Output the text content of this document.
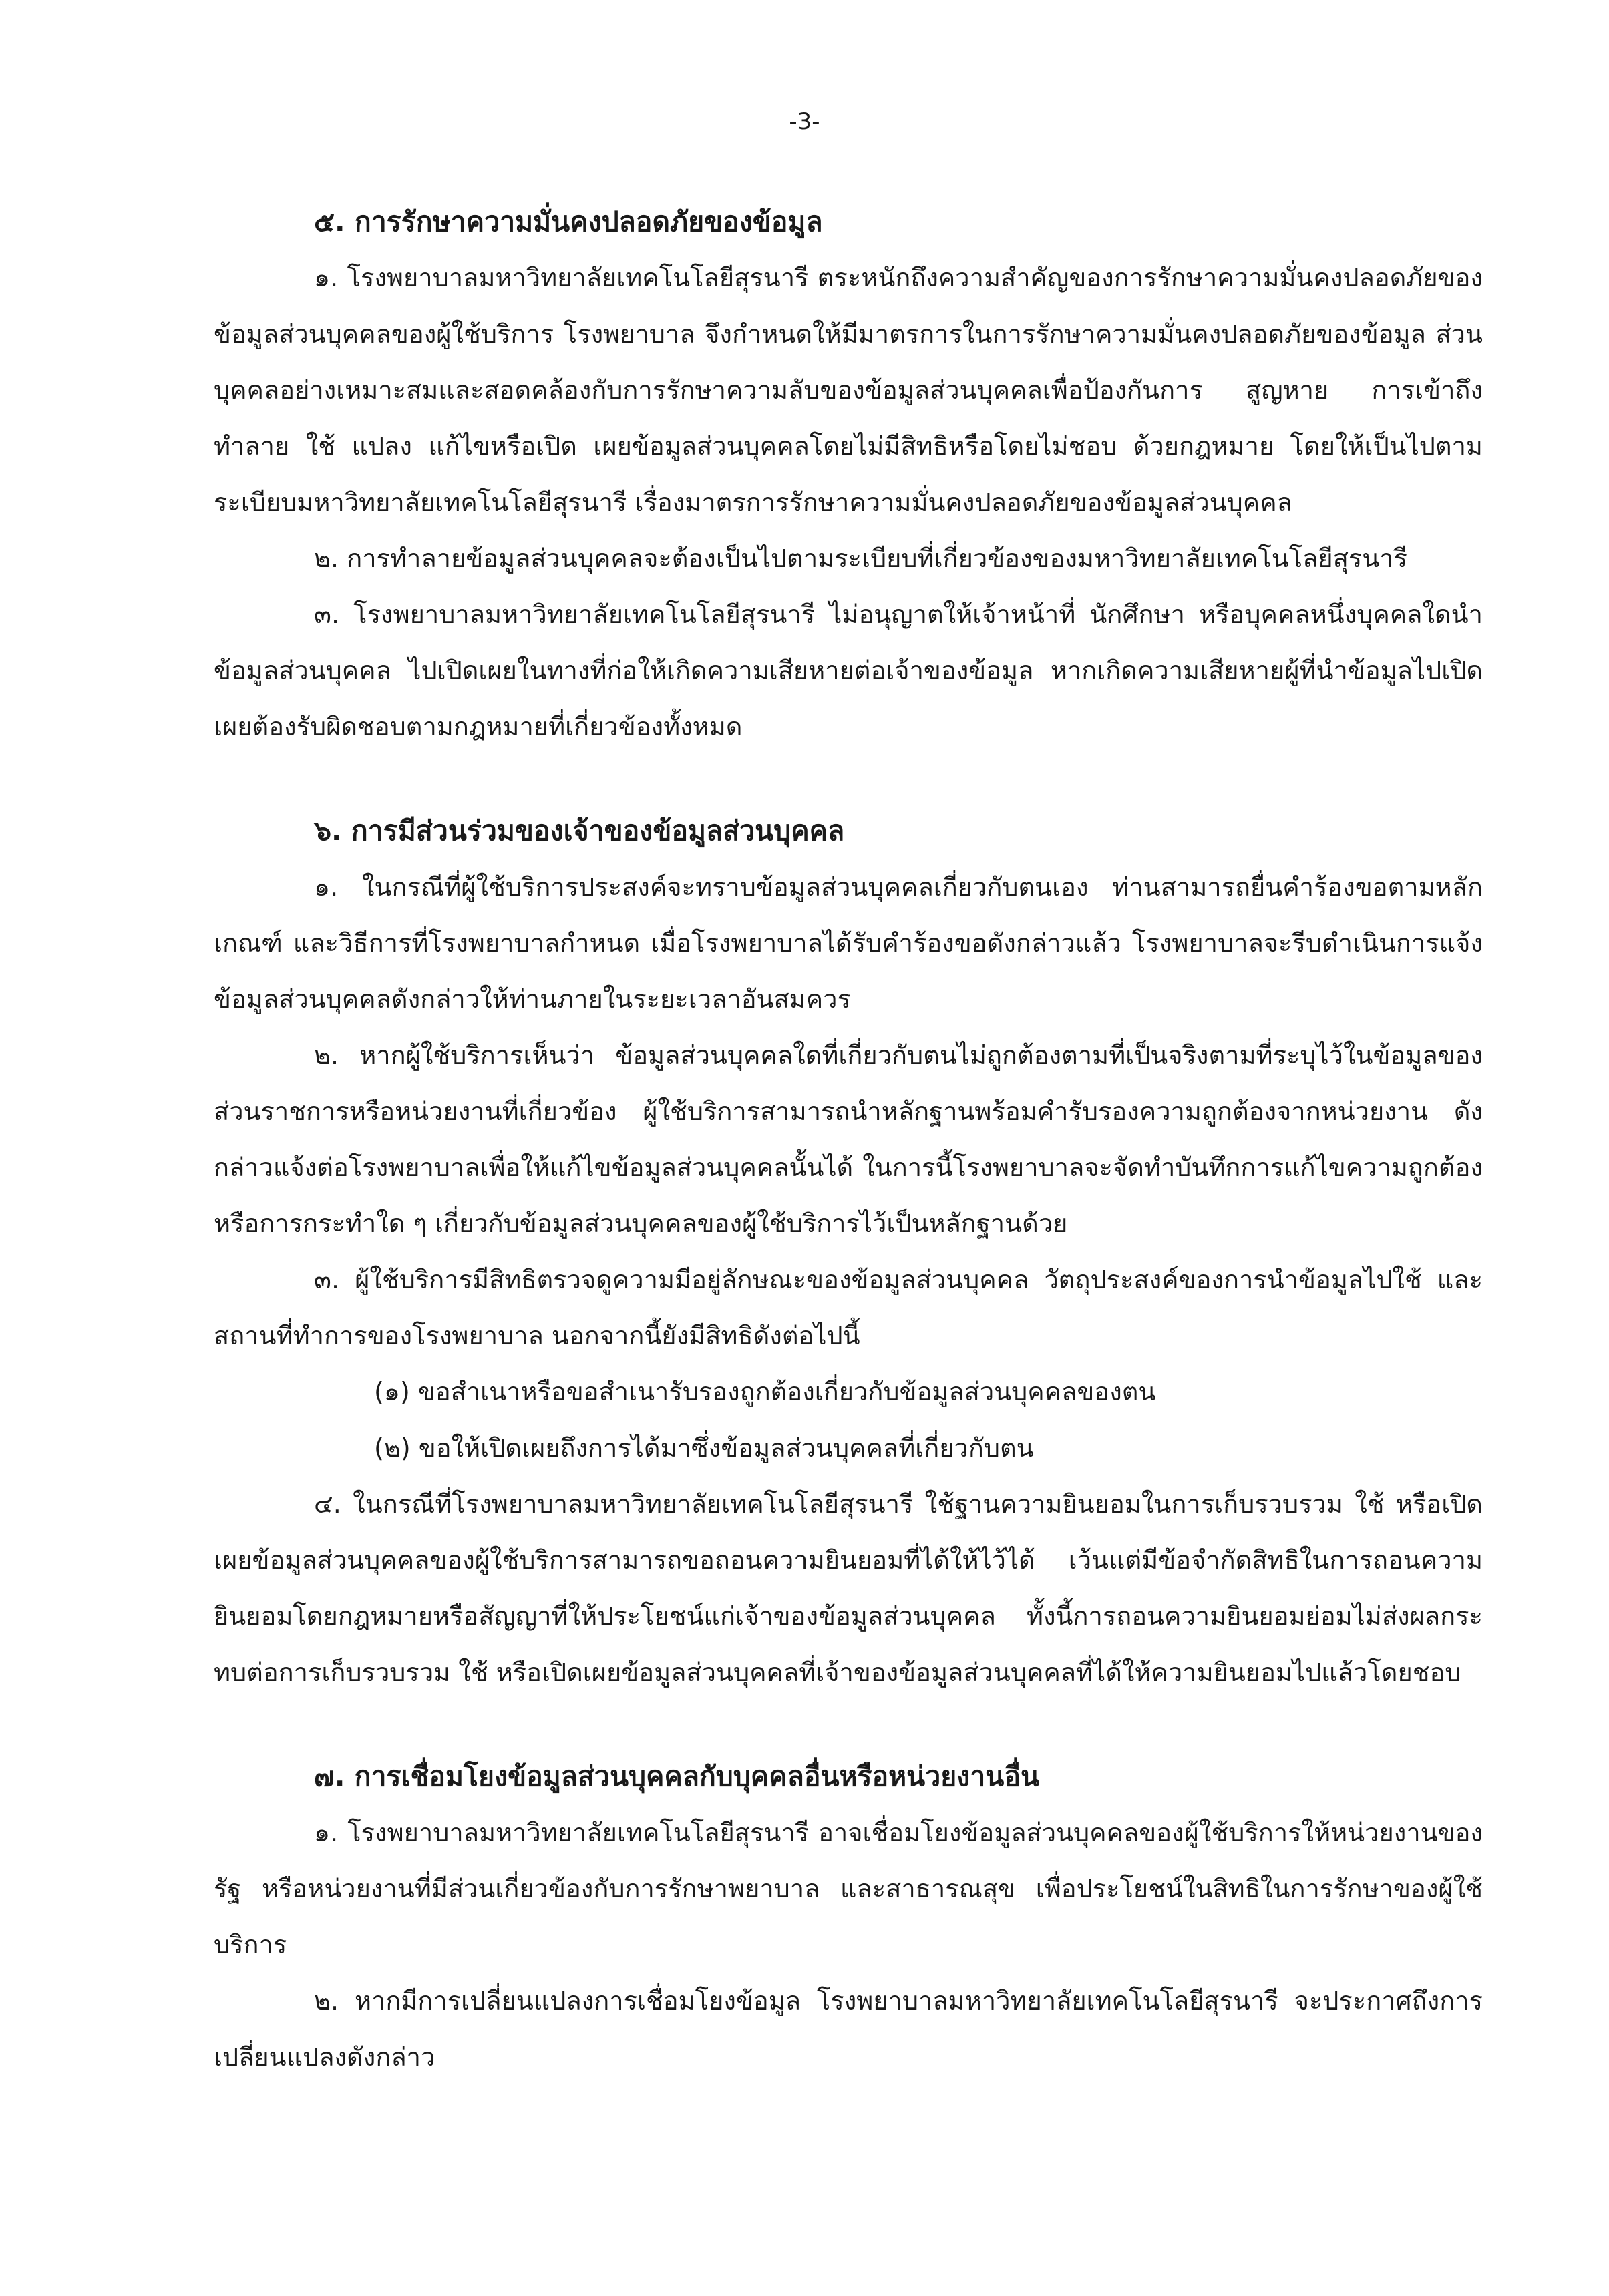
-3-

๕. การรักษาความมั่นคงปลอดภัยของข้อมูล

๑. โรงพยาบาลมหาวิทยาลัยเทคโนโลยีสุรนารี ตระหนักถึงความสำคัญของการรักษาความมั่นคงปลอดภัยของข้อมูลส่วนบุคคลของผู้ใช้บริการ โรงพยาบาล จึงกำหนดให้มีมาตรการในการรักษาความมั่นคงปลอดภัยของข้อมูล ส่วนบุคคลอย่างเหมาะสมและสอดคล้องกับการรักษาความลับของข้อมูลส่วนบุคคลเพื่อป้องกันการ สูญหาย การเข้าถึง ทำลาย ใช้ แปลง แก้ไขหรือเปิด เผยข้อมูลส่วนบุคคลโดยไม่มีสิทธิหรือโดยไม่ชอบ ด้วยกฎหมาย โดยให้เป็นไปตามระเบียบมหาวิทยาลัยเทคโนโลยีสุรนารี เรื่องมาตรการรักษาความมั่นคงปลอดภัยของข้อมูลส่วนบุคคล

๒. การทำลายข้อมูลส่วนบุคคลจะต้องเป็นไปตามระเบียบที่เกี่ยวข้องของมหาวิทยาลัยเทคโนโลยีสุรนารี

๓. โรงพยาบาลมหาวิทยาลัยเทคโนโลยีสุรนารี ไม่อนุญาตให้เจ้าหน้าที่ นักศึกษา หรือบุคคลหนึ่งบุคคลใดนำข้อมูลส่วนบุคคล ไปเปิดเผยในทางที่ก่อให้เกิดความเสียหายต่อเจ้าของข้อมูล หากเกิดความเสียหายผู้ที่นำข้อมูลไปเปิดเผยต้องรับผิดชอบตามกฎหมายที่เกี่ยวข้องทั้งหมด

๖. การมีส่วนร่วมของเจ้าของข้อมูลส่วนบุคคล

๑. ในกรณีที่ผู้ใช้บริการประสงค์จะทราบข้อมูลส่วนบุคคลเกี่ยวกับตนเอง ท่านสามารถยื่นคำร้องขอตามหลักเกณฑ์ และวิธีการที่โรงพยาบาลกำหนด เมื่อโรงพยาบาลได้รับคำร้องขอดังกล่าวแล้ว โรงพยาบาลจะรีบดำเนินการแจ้งข้อมูลส่วนบุคคลดังกล่าวให้ท่านภายในระยะเวลาอันสมควร

๒. หากผู้ใช้บริการเห็นว่า ข้อมูลส่วนบุคคลใดที่เกี่ยวกับตนไม่ถูกต้องตามที่เป็นจริงตามที่ระบุไว้ในข้อมูลของส่วนราชการหรือหน่วยงานที่เกี่ยวข้อง ผู้ใช้บริการสามารถนำหลักฐานพร้อมคำรับรองความถูกต้องจากหน่วยงาน ดังกล่าวแจ้งต่อโรงพยาบาลเพื่อให้แก้ไขข้อมูลส่วนบุคคลนั้นได้ ในการนี้โรงพยาบาลจะจัดทำบันทึกการแก้ไขความถูกต้อง หรือการกระทำใด ๆ เกี่ยวกับข้อมูลส่วนบุคคลของผู้ใช้บริการไว้เป็นหลักฐานด้วย

๓. ผู้ใช้บริการมีสิทธิตรวจดูความมีอยู่ลักษณะของข้อมูลส่วนบุคคล วัตถุประสงค์ของการนำข้อมูลไปใช้ และสถานที่ทำการของโรงพยาบาล นอกจากนี้ยังมีสิทธิดังต่อไปนี้

(๑) ขอสำเนาหรือขอสำเนารับรองถูกต้องเกี่ยวกับข้อมูลส่วนบุคคลของตน

(๒) ขอให้เปิดเผยถึงการได้มาซึ่งข้อมูลส่วนบุคคลที่เกี่ยวกับตน

๔. ในกรณีที่โรงพยาบาลมหาวิทยาลัยเทคโนโลยีสุรนารี ใช้ฐานความยินยอมในการเก็บรวบรวม ใช้ หรือเปิดเผยข้อมูลส่วนบุคคลของผู้ใช้บริการสามารถขอถอนความยินยอมที่ได้ให้ไว้ได้ เว้นแต่มีข้อจำกัดสิทธิในการถอนความยินยอมโดยกฎหมายหรือสัญญาที่ให้ประโยชน์แก่เจ้าของข้อมูลส่วนบุคคล ทั้งนี้การถอนความยินยอมย่อมไม่ส่งผลกระทบต่อการเก็บรวบรวม ใช้ หรือเปิดเผยข้อมูลส่วนบุคคลที่เจ้าของข้อมูลส่วนบุคคลที่ได้ให้ความยินยอมไปแล้วโดยชอบ

๗. การเชื่อมโยงข้อมูลส่วนบุคคลกับบุคคลอื่นหรือหน่วยงานอื่น

๑. โรงพยาบาลมหาวิทยาลัยเทคโนโลยีสุรนารี อาจเชื่อมโยงข้อมูลส่วนบุคคลของผู้ใช้บริการให้หน่วยงานของรัฐ หรือหน่วยงานที่มีส่วนเกี่ยวข้องกับการรักษาพยาบาล และสาธารณสุข เพื่อประโยชน์ในสิทธิในการรักษาของผู้ใช้บริการ

๒. หากมีการเปลี่ยนแปลงการเชื่อมโยงข้อมูล โรงพยาบาลมหาวิทยาลัยเทคโนโลยีสุรนารี จะประกาศถึงการเปลี่ยนแปลงดังกล่าว
